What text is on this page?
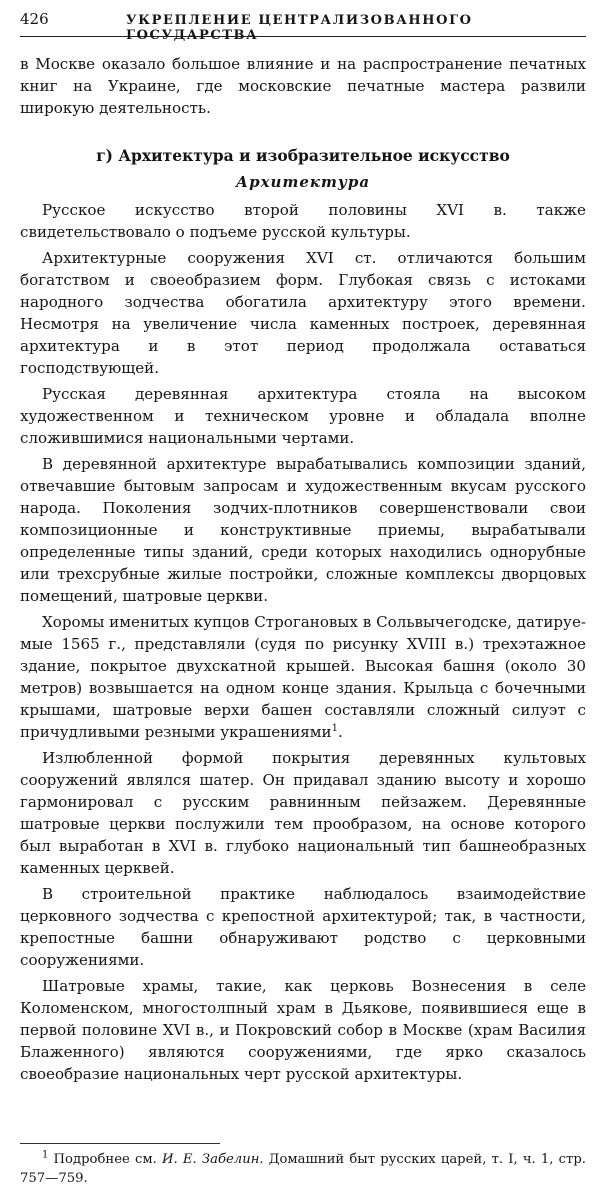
426	УКРЕПЛЕНИЕ ЦЕНТРАЛИЗОВАННОГО ГОСУДАРСТВА

в Москве оказало большое влияние и на распространение печатных книг на Украине, где московские печатные мастера развили широкую деятельность.

г) Архитектура и изобразительное искусство
Архитектура

Русское искусство второй половины XVI в. также свидетельствовало о подъеме русской культуры.

Архитектурные сооружения XVI ст. отличаются большим богатством и своеобразием форм. Глубокая связь с истоками народного зодчества обогатила архитектуру этого времени. Несмотря на увеличение числа каменных построек, деревянная архитектура и в этот период продолжала оставаться господствующей.

Русская деревянная архитектура стояла на высоком художественном и техническом уровне и обладала вполне сложившимися национальными чертами.

В деревянной архитектуре вырабатывались композиции зданий, отвечавшие бытовым запросам и художественным вкусам русского народа. Поколения зодчих-плотников совершенствовали свои композиционные и конструктивные приемы, вырабатывали определенные типы зданий, среди которых находились однорубные или трехсрубные жилые постройки, сложные комплексы дворцовых помещений, шатровые церкви.

Хоромы именитых купцов Строгановых в Сольвычегодске, датируемые 1565 г., представляли (судя по рисунку XVIII в.) трехэтажное здание, покрытое двухскатной крышей. Высокая башня (около 30 метров) возвышается на одном конце здания. Крыльца с бочечными крышами, шатровые верхи башен составляли сложный силуэт с причудливыми резными украшениями$^1$.

Излюбленной формой покрытия деревянных культовых сооружений являлся шатер. Он придавал зданию высоту и хорошо гармонировал с русским равнинным пейзажем. Деревянные шатровые церкви послужили тем прообразом, на основе которого был выработан в XVI в. глубоко национальный тип башнеобразных каменных церквей.

В строительной практике наблюдалось взаимодействие церковного зодчества с крепостной архитектурой; так, в частности, крепостные башни обнаруживают родство с церковными сооружениями.

Шатровые храмы, такие, как церковь Вознесения в селе Коломенском, многостолпный храм в Дьякове, появившиеся еще в первой половине XVI в., и Покровский собор в Москве (храм Василия Блаженного) являются сооружениями, где ярко сказалось своеобразие национальных черт русской архитектуры.

$^1$ Подробнее см. И. Е. Забелин. Домашний быт русских царей, т. I, ч. 1, стр. 757—759.
